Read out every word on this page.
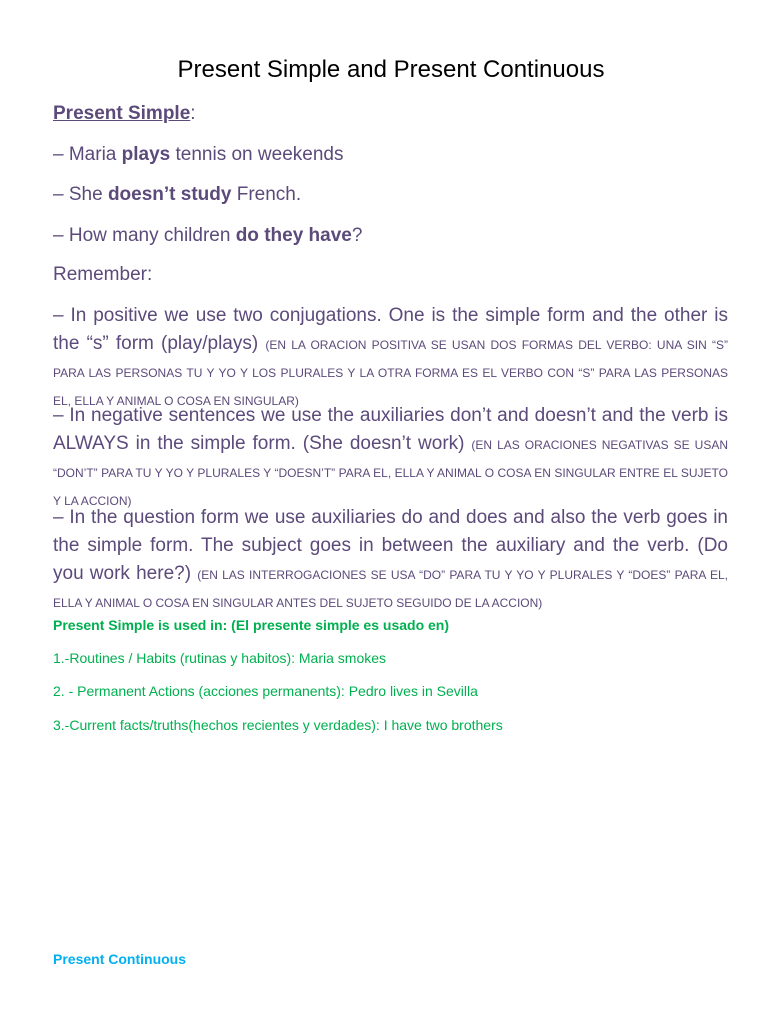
Present Simple and Present Continuous

Present Simple:

– Maria plays tennis on weekends

– She doesn’t study French.

– How many children do they have?

Remember:

– In positive we use two conjugations. One is the simple form and the other is the “s” form (play/plays) (EN LA ORACION POSITIVA SE USAN DOS FORMAS DEL VERBO: UNA SIN “S” PARA LAS PERSONAS TU Y YO Y LOS PLURALES Y LA OTRA FORMA ES EL VERBO CON “S” PARA LAS PERSONAS EL, ELLA Y ANIMAL O COSA EN SINGULAR)

– In negative sentences we use the auxiliaries don’t and doesn’t and the verb is ALWAYS in the simple form. (She doesn’t work) (EN LAS ORACIONES NEGATIVAS SE USAN “DON’T” PARA TU Y YO Y PLURALES Y “DOESN’T” PARA EL, ELLA Y ANIMAL O COSA EN SINGULAR ENTRE EL SUJETO Y LA ACCION)

– In the question form we use auxiliaries do and does and also the verb goes in the simple form. The subject goes in between the auxiliary and the verb. (Do you work here?) (EN LAS INTERROGACIONES SE USA “DO” PARA TU Y YO Y PLURALES Y “DOES” PARA EL, ELLA Y ANIMAL O COSA EN SINGULAR ANTES DEL SUJETO SEGUIDO DE LA ACCION)

Present Simple is used in: (El presente simple es usado en)

1.-Routines / Habits (rutinas y habitos): Maria smokes

2. - Permanent Actions (acciones permanents): Pedro lives in Sevilla

3.-Current facts/truths(hechos recientes y verdades): I have two brothers

Present Continuous
